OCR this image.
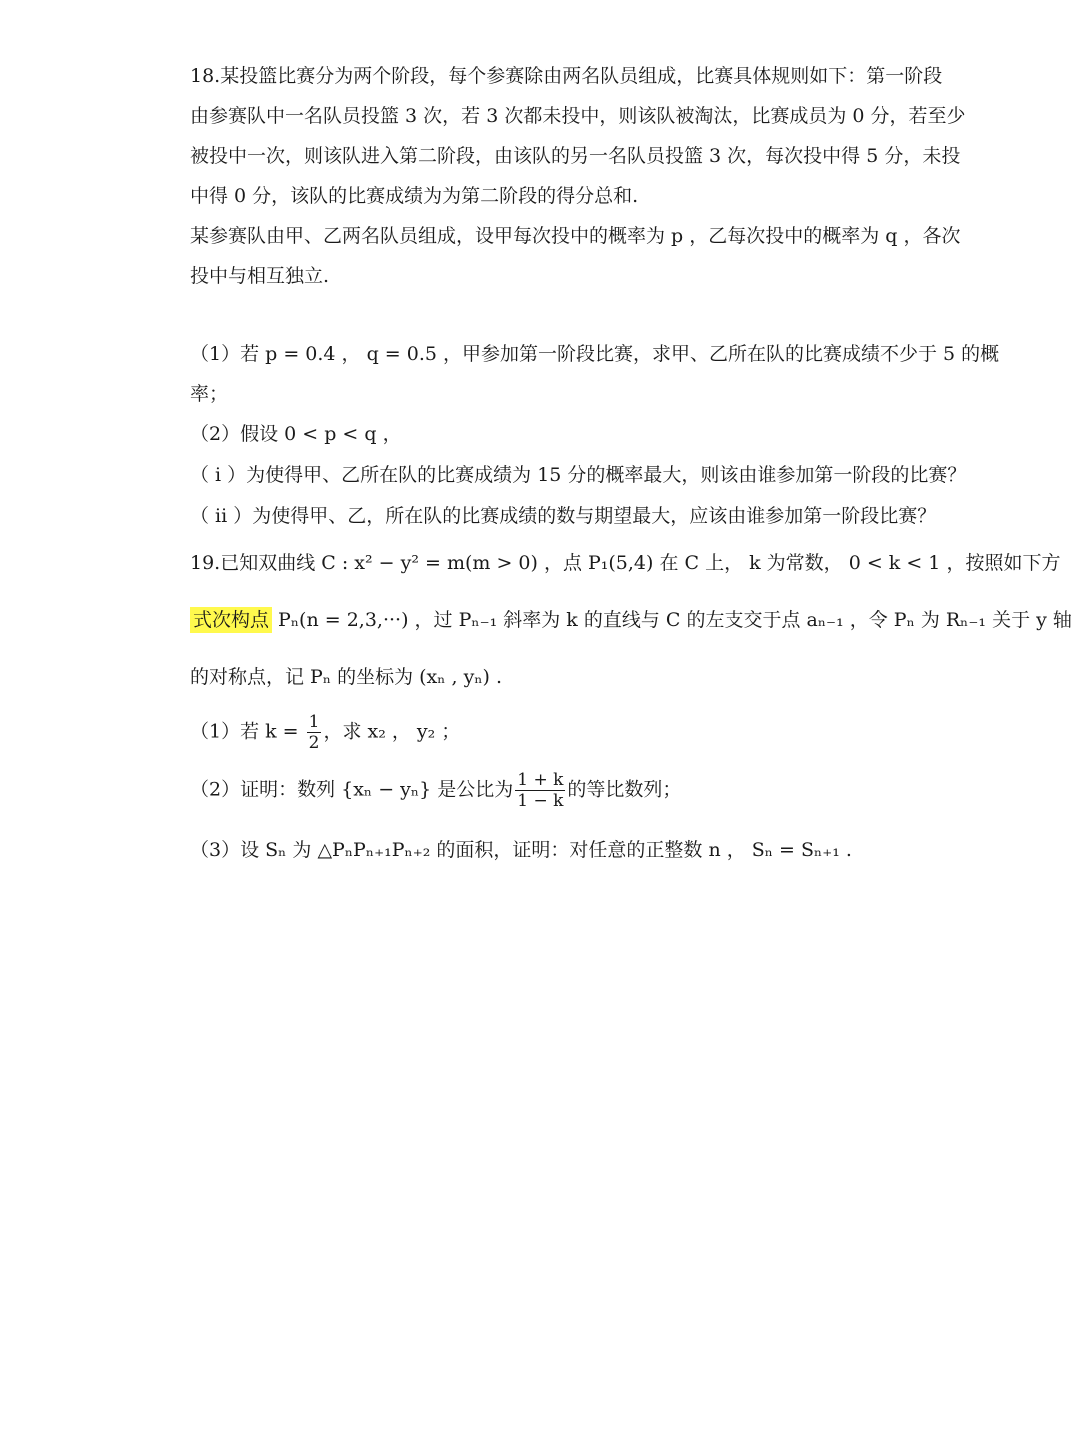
18.某投篮比赛分为两个阶段，每个参赛除由两名队员组成，比赛具体规则如下：第一阶段
由参赛队中一名队员投篮 3 次，若 3 次都未投中，则该队被淘汰，比赛成员为 0 分，若至少
被投中一次，则该队进入第二阶段，由该队的另一名队员投篮 3 次，每次投中得 5 分，未投
中得 0 分，该队的比赛成绩为为第二阶段的得分总和.
某参赛队由甲、乙两名队员组成，设甲每次投中的概率为 p ，乙每次投中的概率为 q ，各次
投中与相互独立.
（1）若 p = 0.4 ， q = 0.5 ，甲参加第一阶段比赛，求甲、乙所在队的比赛成绩不少于 5 的概
率；
（2）假设 0 < p < q ，
（ i ）为使得甲、乙所在队的比赛成绩为 15 分的概率最大，则该由谁参加第一阶段的比赛？
（ ii ）为使得甲、乙，所在队的比赛成绩的数与期望最大，应该由谁参加第一阶段比赛？
19.已知双曲线 C : x² − y² = m(m > 0) ，点 P₁(5,4) 在 C 上， k 为常数， 0 < k < 1 ，按照如下方
式次构点 Pₙ(n = 2,3,···) ，过 Pₙ₋₁ 斜率为 k 的直线与 C 的左支交于点 aₙ₋₁ ，令 Pₙ 为 Rₙ₋₁ 关于 y 轴
的对称点，记 Pₙ 的坐标为 (xₙ , yₙ) .
（1）若 $k = \frac{1}{2}$ ，求 x₂ ， y₂ ；
（2）证明：数列 {xₙ − yₙ} 是公比为 $\frac{1 + k}{1 - k}$ 的等比数列；
（3）设 Sₙ 为 △PₙPₙ₊₁Pₙ₊₂ 的面积，证明：对任意的正整数 n ， Sₙ = Sₙ₊₁ .
